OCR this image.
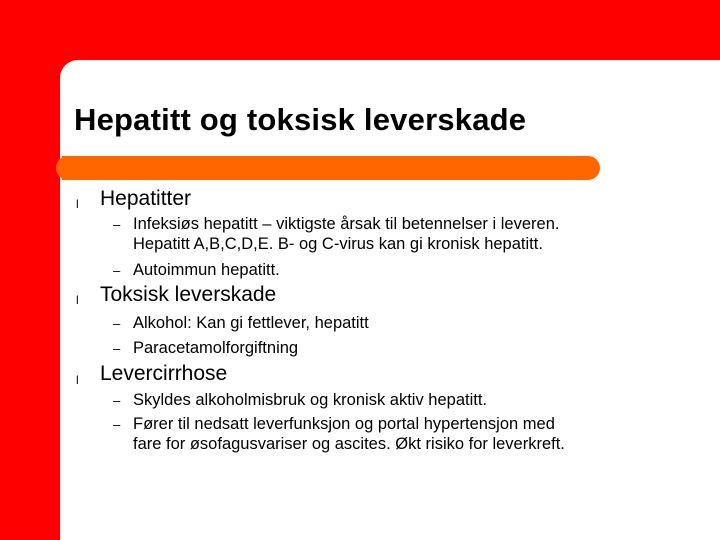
Hepatitt og toksisk leverskade
l Hepatitter
– Infeksiøs hepatitt – viktigste årsak til betennelser i leveren.
Hepatitt A,B,C,D,E. B- og C-virus kan gi kronisk hepatitt.
– Autoimmun hepatitt.
l Toksisk leverskade
– Alkohol: Kan gi fettlever, hepatitt
– Paracetamolforgiftning
l Levercirrhose
– Skyldes alkoholmisbruk og kronisk aktiv hepatitt.
– Fører til nedsatt leverfunksjon og portal hypertensjon med
fare for øsofagusvariser og ascites. Økt risiko for leverkreft.
